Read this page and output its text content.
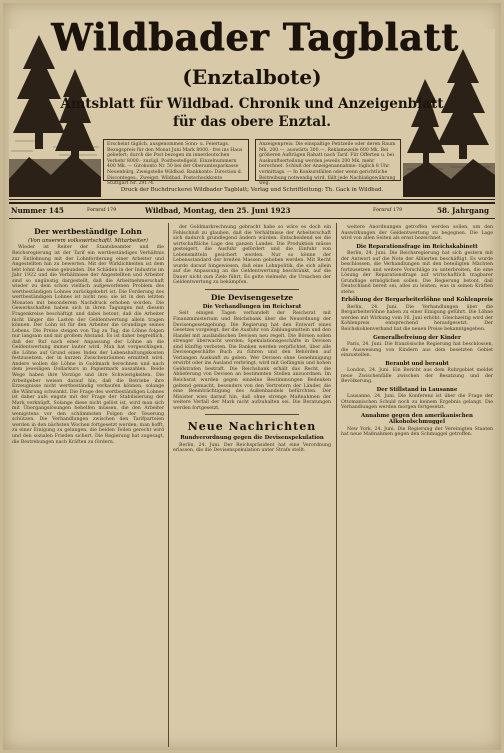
Wildbader Tagblatt
(Enztalbote)
Amtsblatt für Wildbad. Chronik und Anzeigenblatt
für das obere Enztal.
Erscheint täglich, ausgenommen Sonn- u. Feiertags. Bezugspreis für den Monat Juni Mark 8000.- frei ins Haus geliefert; durch die Post bezogen im innerdeutschen Verkehr 8000.- zuzügl. Postbestellgeld. Einzelnummern 400 Mk. — Girokonto Nr. 50 bei der Oberamtssparkasse Neuenbürg, Zweigstelle Wildbad. Bankkonto: Direction d. Discontoges., Zweigst. Wildbad. Postscheckkonto Stuttgart Nr. 29174.
Anzeigenpreis: Die einspaltige Petitzeile oder deren Raum Mk. 200.—, auswärts 300.—, Reklamezeile 600 Mk. Bei größeren Aufträgen Rabatt nach Tarif. Für Offerten u. bei Auskunftserteilung werden jeweils 200 Mk. mehr berechnet. Schluß der Anzeigenannahme: täglich 8 Uhr vormittags. — In Konkursfällen oder wenn gerichtliche Beitreibung notwendig wird, fällt jede Nachlaßgewährung weg.
Druck der Buchdruckerei Wildbader Tagblatt; Verlag und Schriftleitung: Th. Gack in Wildbad.
Nummer 145	Fernruf 179	Wildbad, Montag, den 25. Juni 1923	Fernruf 179	58. Jahrgang
Der wertbeständige Lohn
(Von unserem volkswirtschaftl. Mitarbeiter)

Wieder ist Reiter der Staatsbeamter und die Reichsregierung ist der Tarif ein wertbeständiges Verhältnis zur Entlohnung mit der Lohnforderung einer Arbeiter und Angestellten hin zu bewerten. Mit der Wirklichkeiten ist dem lebt lohnt das seine gebunden. Die Schäden in der Industrie im Jahr 1922 und die Verhältnisse der Angestellten und Arbeiter sind so ungünstig dargestellt, daß die Arbeitnehmerschaft wieder zu dem schon vielfach aufgeworfenen Problem des wertbeständigen Lohnes zurückgekehrt ist. Die Forderung des wertbeständigen Lohnes ist nicht neu; sie ist in den letzten Monaten mit besonderem Nachdruck erhoben worden. Die Gewerkschaften haben sich in ihren Tagungen mit diesem Fragenkreise beschäftigt und dabei betont, daß die Arbeiter nicht länger die Lasten der Geldentwertung allein tragen können. Der Lohn ist für den Arbeiter die Grundlage seines Lebens. Die Preise steigen von Tag zu Tag; die Löhne folgen nur langsam und mit großem Abstand. Es ist daher begreiflich, daß der Ruf nach einer Anpassung der Löhne an die Geldentwertung immer lauter wird. Man hat vorgeschlagen, die Löhne auf Grund eines Index der Lebenshaltungskosten festzusetzen, der in kurzen Zwischenräumen ermittelt wird. Andere wollen die Löhne in Goldmark berechnen und nach dem jeweiligen Dollarkurs in Papiermark auszahlen. Beide Wege haben ihre Vorzüge und ihre Schwierigkeiten. Die Arbeitgeber weisen darauf hin, daß die Betriebe ihre Erzeugnisse nicht wertbeständig verkaufen können, solange die Währung schwankt. Die Frage des wertbeständigen Lohnes ist daher aufs engste mit der Frage der Stabilisierung der Mark verknüpft. Solange diese nicht gelöst ist, wird man sich mit Übergangslösungen behelfen müssen, die den Arbeiter wenigstens vor den schlimmsten Folgen der Teuerung schützen. Die Verhandlungen zwischen den Tarifparteien werden in den nächsten Wochen fortgesetzt werden; man hofft, zu einer Einigung zu gelangen, die beiden Teilen gerecht wird und den sozialen Frieden sichert. Die Regierung hat zugesagt, die Bestrebungen nach Kräften zu fördern.

der Goldmarkrechnung gebracht habe so wäre es doch ein Fehlschluß zu glauben, daß die Verhältnisse der Arbeiterschaft sich dadurch grundlegend ändern würden. Entscheidend sei die wirtschaftliche Lage des ganzen Landes. Die Produktion müsse gesteigert, die Ausfuhr gefördert und die Einfuhr von Lebensmitteln gesichert werden. Nur so könne der Lebensstandard der breiten Massen gehoben werden. Mit Recht wurde darauf hingewiesen, daß eine Lohnpolitik, die sich allein auf die Anpassung an die Geldentwertung beschränkt, auf die Dauer nicht zum Ziele führt. Es gelte vielmehr, die Ursachen der Geldentwertung zu bekämpfen.

Die Devisengesetze
Die Verhandlungen im Reichsrat

Seit einigen Tagen verhandelt der Reichsrat mit Finanzministerium und Reichsbank über die Neuordnung der Devisengesetzgebung. Die Regierung hat den Entwurf eines Gesetzes vorgelegt, der die Ausfuhr von Zahlungsmitteln und den Handel mit ausländischen Devisen neu regelt. Die Börsen sollen strenger überwacht werden; Spekulationsgeschäfte in Devisen sind künftig verboten. Die Banken werden verpflichtet, über alle Devisengeschäfte Buch zu führen und den Behörden auf Verlangen Auskunft zu geben. Wer Devisen ohne Genehmigung erwirbt oder ins Ausland verbringt, wird mit Gefängnis und hohen Geldstrafen bestraft. Die Reichsbank erhält das Recht, die Ablieferung von Devisen an bestimmten Stellen anzuordnen. Im Reichsrat wurden gegen einzelne Bestimmungen Bedenken geltend gemacht, besonders von den Vertretern der Länder, die eine Beeinträchtigung des Außenhandels befürchten. Der Minister wies darauf hin, daß ohne strenge Maßnahmen der weitere Verfall der Mark nicht aufzuhalten sei. Die Beratungen werden fortgesetzt.

Neue Nachrichten
Rundverordnung gegen die Devisenspekulation

Berlin, 24. Juni. Der Reichspräsident hat eine Verordnung erlassen, die die Devisenspekulation unter Strafe stellt.

weitere Anordnungen getroffen werden sollen, um den Auswirkungen der Geldentwertung zu begegnen. Die Lage wird von allen Seiten als ernst bezeichnet.

Die Reparationsfrage im Reichskabinett

Berlin, 24. Juni. Die Reichsregierung hat sich gestern mit der Antwort auf die Note der Alliierten beschäftigt. Es wurde beschlossen, die Verhandlungen mit den beteiligten Mächten fortzusetzen und weitere Vorschläge zu unterbreiten, die eine Lösung der Reparationsfrage auf wirtschaftlich tragbarer Grundlage ermöglichen sollen. Die Regierung betont, daß Deutschland bereit sei, alles zu leisten, was in seinen Kräften stehe.

Erhöhung der Bergarbeiterlöhne und Kohlenpreis

Berlin, 24. Juni. Die Verhandlungen über die Bergarbeiterlöhne haben zu einer Einigung geführt. Die Löhne werden mit Wirkung vom 16. Juni erhöht. Gleichzeitig wird der Kohlenpreis entsprechend heraufgesetzt. Der Reichskohlenverband hat die neuen Preise bekanntgegeben.

Generalbefreiung der Kinder

Paris, 24. Juni. Die französische Regierung hat beschlossen, die Ausweisung von Kindern aus dem besetzten Gebiet einzustellen.

Beraubt und beraubt

London, 24. Juni. Ein Bericht aus dem Ruhrgebiet meldet neue Zwischenfälle zwischen der Besatzung und der Bevölkerung.

Der Stillstand in Lausanne

Lausanne, 24. Juni. Die Konferenz ist über die Frage der Ottomanischen Schuld noch zu keinem Ergebnis gelangt. Die Verhandlungen werden morgen fortgesetzt.

Annahme gegen den amerikanischen Alkoholschmuggel

New York, 24. Juni. Die Regierung der Vereinigten Staaten hat neue Maßnahmen gegen den Schmuggel getroffen.
